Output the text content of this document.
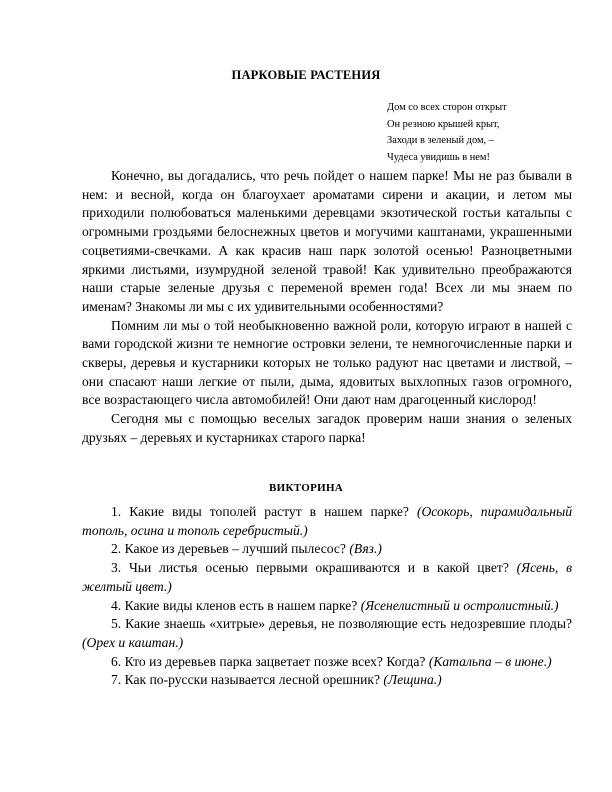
ПАРКОВЫЕ РАСТЕНИЯ
Дом со всех сторон открыт
Он резною крышей крыт,
Заходи в зеленый дом, –
Чудеса увидишь в нем!

Конечно, вы догадались, что речь пойдет о нашем парке! Мы не раз бывали в нем: и весной, когда он благоухает ароматами сирени и акации, и летом мы приходили полюбоваться маленькими деревцами экзотической гостьи катальпы с огромными гроздьями белоснежных цветов и могучими каштанами, украшенными соцветиями-свечками. А как красив наш парк золотой осенью! Разноцветными яркими листьями, изумрудной зеленой травой! Как удивительно преображаются наши старые зеленые друзья с переменой времен года! Всех ли мы знаем по именам? Знакомы ли мы с их удивительными особенностями?

Помним ли мы о той необыкновенно важной роли, которую играют в нашей с вами городской жизни те немногие островки зелени, те немногочисленные парки и скверы, деревья и кустарники которых не только радуют нас цветами и листвой, – они спасают наши легкие от пыли, дыма, ядовитых выхлопных газов огромного, все возрастающего числа автомобилей! Они дают нам драгоценный кислород!

Сегодня мы с помощью веселых загадок проверим наши знания о зеленых друзьях – деревьях и кустарниках старого парка!

ВИКТОРИНА

1. Какие виды тополей растут в нашем парке? (Осокорь, пирамидальный тополь, осина и тополь серебристый.)

2. Какое из деревьев – лучший пылесос? (Вяз.)

3. Чьи листья осенью первыми окрашиваются и в какой цвет? (Ясень, в желтый цвет.)

4. Какие виды кленов есть в нашем парке? (Ясенелистный и остролистный.)

5. Какие знаешь «хитрые» деревья, не позволяющие есть недозревшие плоды? (Орех и каштан.)

6. Кто из деревьев парка зацветает позже всех? Когда? (Катальпа – в июне.)

7. Как по-русски называется лесной орешник? (Лещина.)
